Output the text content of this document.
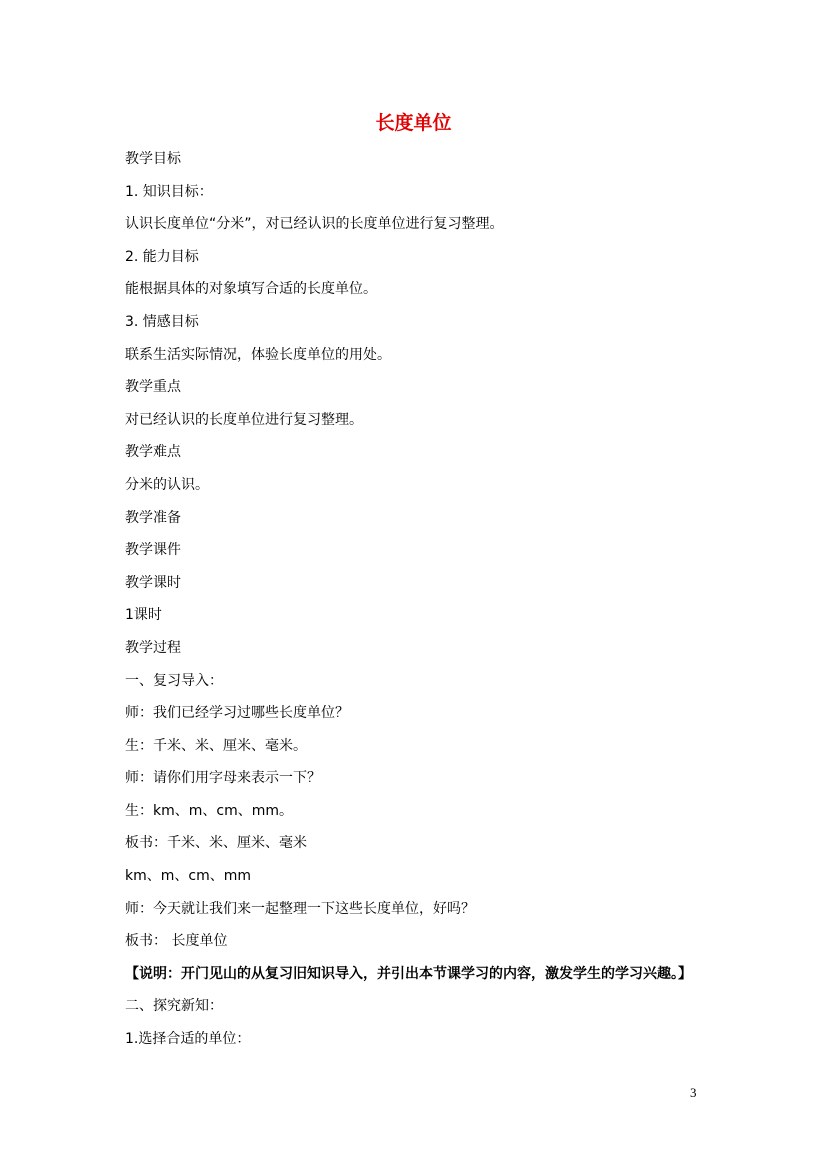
长度单位
教学目标
1. 知识目标：
认识长度单位“分米”，对已经认识的长度单位进行复习整理。
2. 能力目标
能根据具体的对象填写合适的长度单位。
3. 情感目标
联系生活实际情况，体验长度单位的用处。
教学重点
对已经认识的长度单位进行复习整理。
教学难点
分米的认识。
教学准备
教学课件
教学课时
1课时
教学过程
一、复习导入：
师：我们已经学习过哪些长度单位？
生：千米、米、厘米、毫米。
师：请你们用字母来表示一下？
生：km、m、cm、mm。
板书：千米、米、厘米、毫米
km、m、cm、mm
师：今天就让我们来一起整理一下这些长度单位，好吗？
板书： 长度单位
【说明：开门见山的从复习旧知识导入，并引出本节课学习的内容，激发学生的学习兴趣。】
二、探究新知：
1.选择合适的单位：
3
